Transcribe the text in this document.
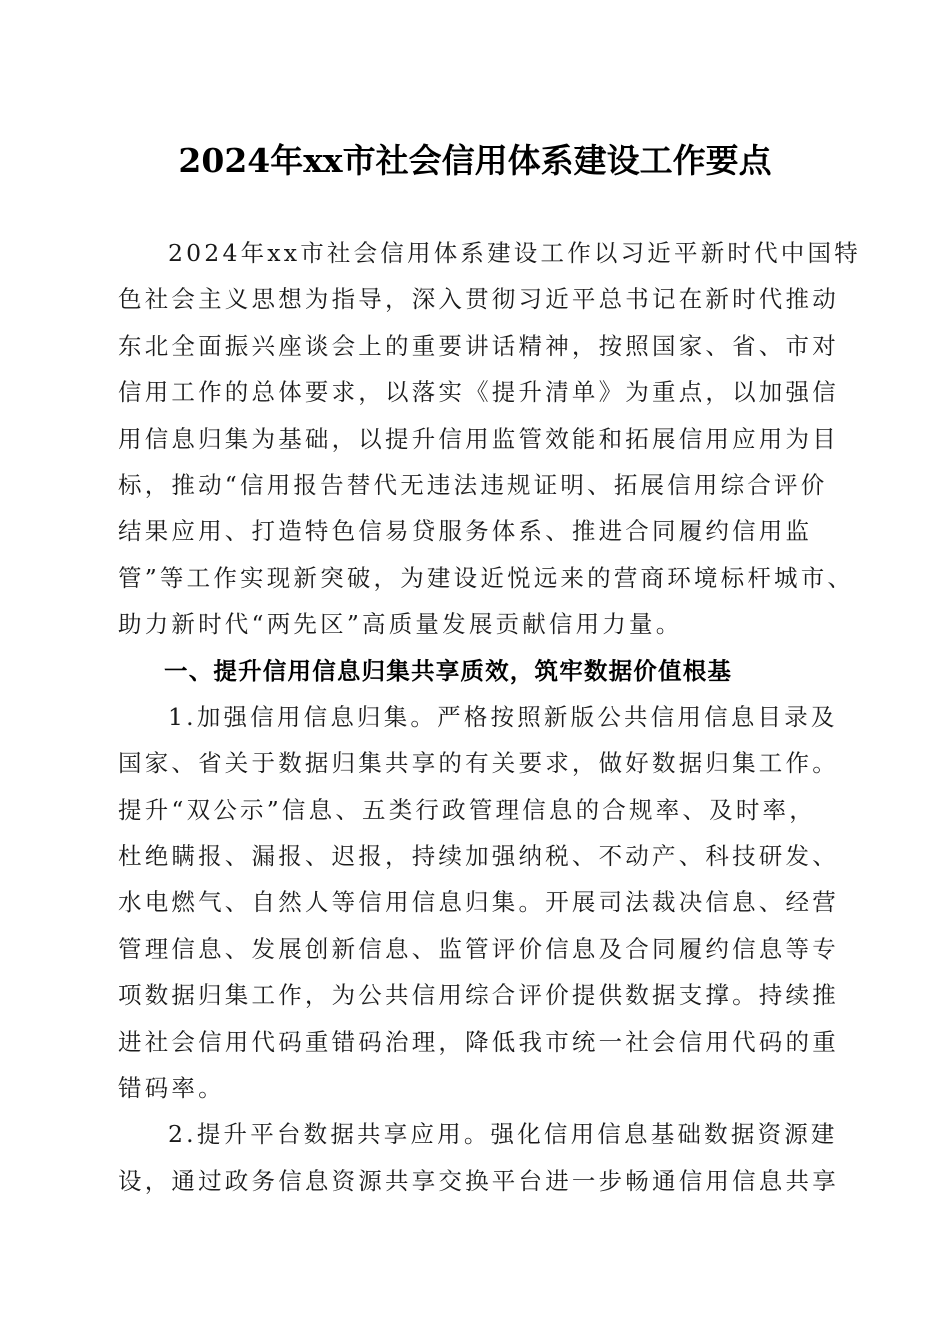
2024年xx市社会信用体系建设工作要点
2024年xx市社会信用体系建设工作以习近平新时代中国特
色社会主义思想为指导，深入贯彻习近平总书记在新时代推动
东北全面振兴座谈会上的重要讲话精神，按照国家、省、市对
信用工作的总体要求，以落实《提升清单》为重点，以加强信
用信息归集为基础，以提升信用监管效能和拓展信用应用为目
标，推动“信用报告替代无违法违规证明、拓展信用综合评价
结果应用、打造特色信易贷服务体系、推进合同履约信用监
管”等工作实现新突破，为建设近悦远来的营商环境标杆城市、
助力新时代“两先区”高质量发展贡献信用力量。
一、提升信用信息归集共享质效，筑牢数据价值根基
1.加强信用信息归集。严格按照新版公共信用信息目录及
国家、省关于数据归集共享的有关要求，做好数据归集工作。
提升“双公示”信息、五类行政管理信息的合规率、及时率，
杜绝瞒报、漏报、迟报，持续加强纳税、不动产、科技研发、
水电燃气、自然人等信用信息归集。开展司法裁决信息、经营
管理信息、发展创新信息、监管评价信息及合同履约信息等专
项数据归集工作，为公共信用综合评价提供数据支撑。持续推
进社会信用代码重错码治理，降低我市统一社会信用代码的重
错码率。
2.提升平台数据共享应用。强化信用信息基础数据资源建
设，通过政务信息资源共享交换平台进一步畅通信用信息共享
